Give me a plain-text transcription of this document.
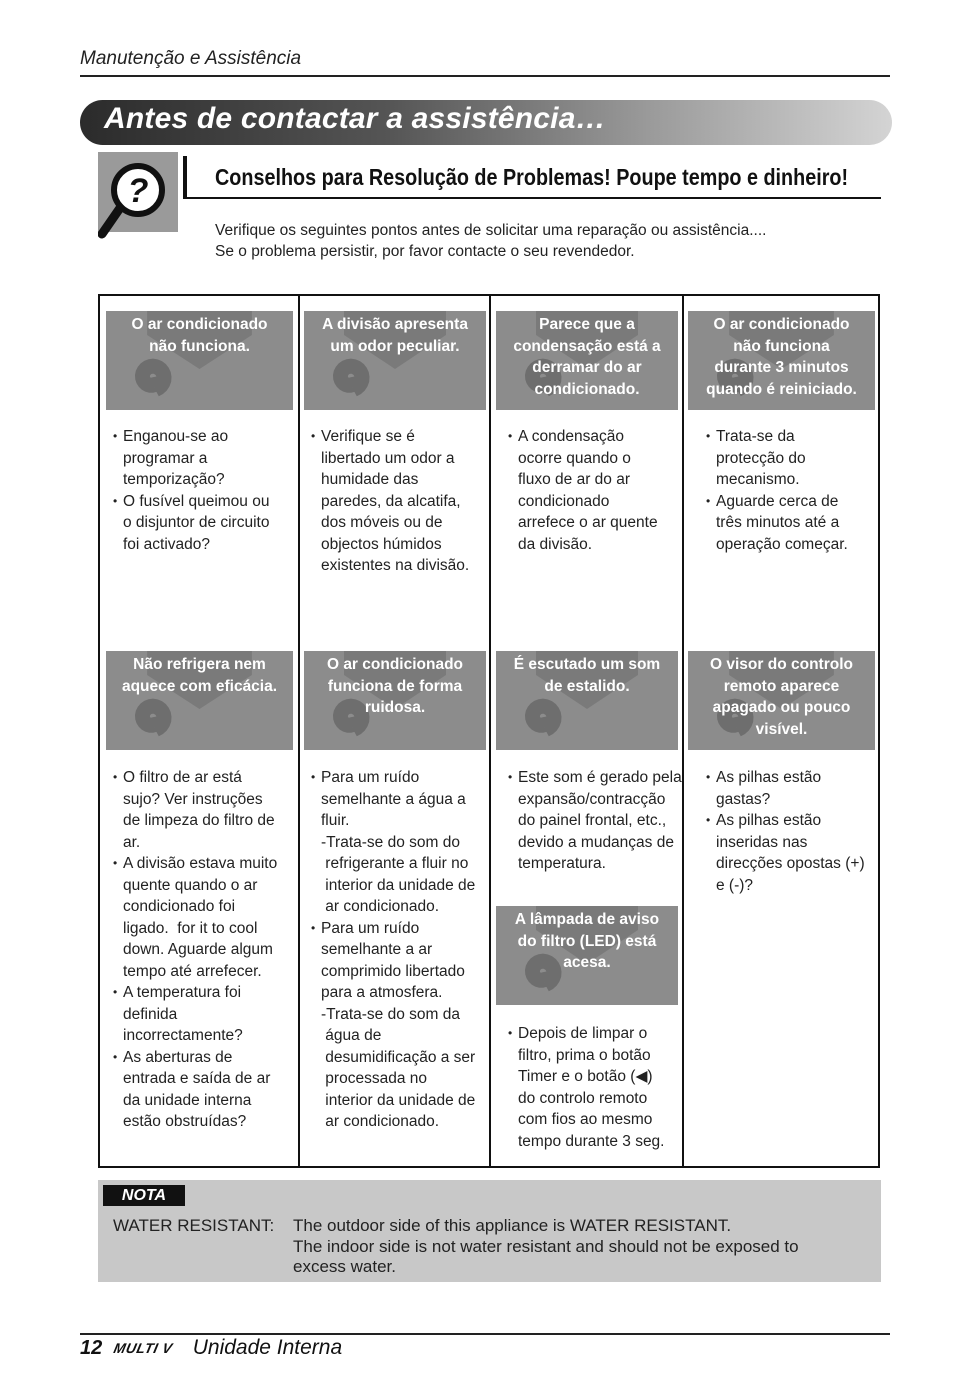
Manutenção e Assistência
Antes de contactar a assistência…
?	Conselhos para Resolução de Problemas! Poupe tempo e dinheiro!
Verifique os seguintes pontos antes de solicitar uma reparação ou assistência....
Se o problema persistir, por favor contacte o seu revendedor.
O ar condicionado
não funciona.
• Enganou-se ao
programar a
temporização?
• O fusível queimou ou
o disjuntor de circuito
foi activado?
A divisão apresenta
um odor peculiar.
• Verifique se é
libertado um odor a
humidade das
paredes, da alcatifa,
dos móveis ou de
objectos húmidos
existentes na divisão.
Parece que a
condensação está a
derramar do ar
condicionado.
• A condensação
ocorre quando o
fluxo de ar do ar
condicionado
arrefece o ar quente
da divisão.
O ar condicionado
não funciona
durante 3 minutos
quando é reiniciado.
• Trata-se da
protecção do
mecanismo.
• Aguarde cerca de
três minutos até a
operação começar.
Não refrigera nem
aquece com eficácia.
• O filtro de ar está
sujo? Ver instruções
de limpeza do filtro de
ar.
• A divisão estava muito
quente quando o ar
condicionado foi
ligado.  for it to cool
down. Aguarde algum
tempo até arrefecer.
• A temperatura foi
definida
incorrectamente?
• As aberturas de
entrada e saída de ar
da unidade interna
estão obstruídas?
O ar condicionado
funciona de forma
ruidosa.
• Para um ruído
semelhante a água a
fluir.
-Trata-se do som do
refrigerante a fluir no
interior da unidade de
ar condicionado.
• Para um ruído
semelhante a ar
comprimido libertado
para a atmosfera.
-Trata-se do som da
água de
desumidificação a ser
processada no
interior da unidade de
ar condicionado.
É escutado um som
de estalido.
• Este som é gerado pela
expansão/contracção
do painel frontal, etc.,
devido a mudanças de
temperatura.
O visor do controlo
remoto aparece
apagado ou pouco
visível.
• As pilhas estão
gastas?
• As pilhas estão
inseridas nas
direcções opostas (+)
e (-)?
A lâmpada de aviso
do filtro (LED) está
acesa.
• Depois de limpar o
filtro, prima o botão
Timer e o botão (◀)
do controlo remoto
com fios ao mesmo
tempo durante 3 seg.
NOTA
WATER RESISTANT:	The outdoor side of this appliance is WATER RESISTANT.
The indoor side is not water resistant and should not be exposed to
excess water.
12 MULTI V Unidade Interna
